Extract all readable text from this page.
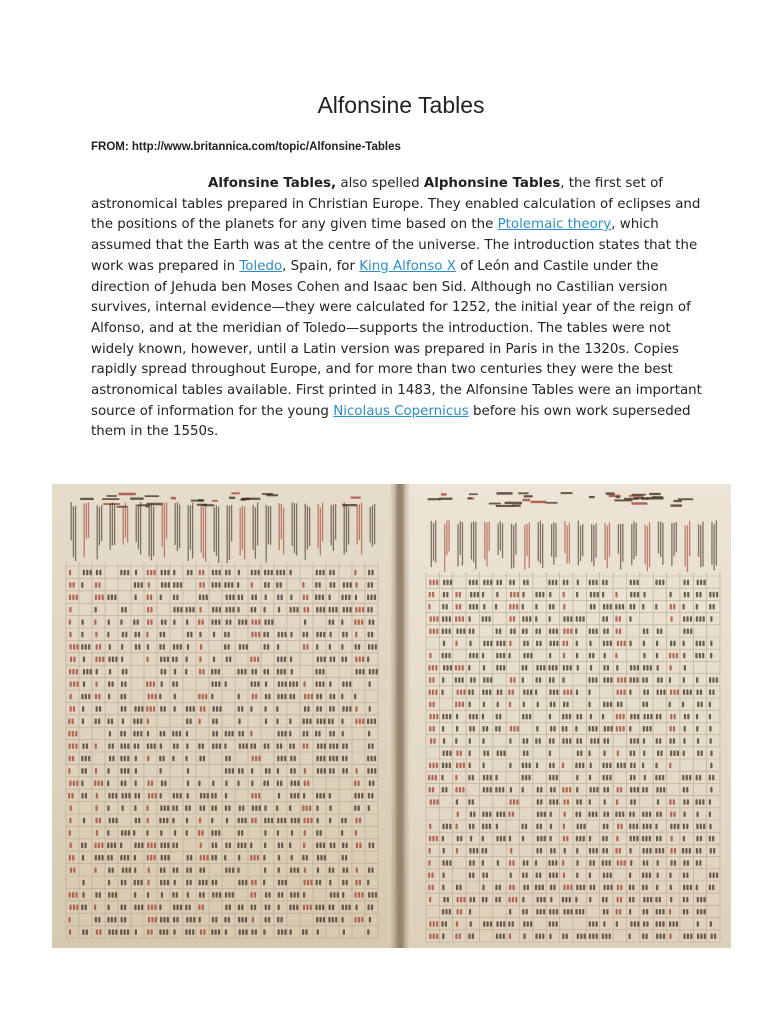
Alfonsine Tables

FROM: http://www.britannica.com/topic/Alfonsine-Tables

Alfonsine Tables, also spelled Alphonsine Tables, the first set of astronomical tables prepared in Christian Europe. They enabled calculation of eclipses and the positions of the planets for any given time based on the Ptolemaic theory, which assumed that the Earth was at the centre of the universe. The introduction states that the work was prepared in Toledo, Spain, for King Alfonso X of León and Castile under the direction of Jehuda ben Moses Cohen and Isaac ben Sid. Although no Castilian version survives, internal evidence—they were calculated for 1252, the initial year of the reign of Alfonso, and at the meridian of Toledo—supports the introduction. The tables were not widely known, however, until a Latin version was prepared in Paris in the 1320s. Copies rapidly spread throughout Europe, and for more than two centuries they were the best astronomical tables available. First printed in 1483, the Alfonsine Tables were an important source of information for the young Nicolaus Copernicus before his own work superseded them in the 1550s.
